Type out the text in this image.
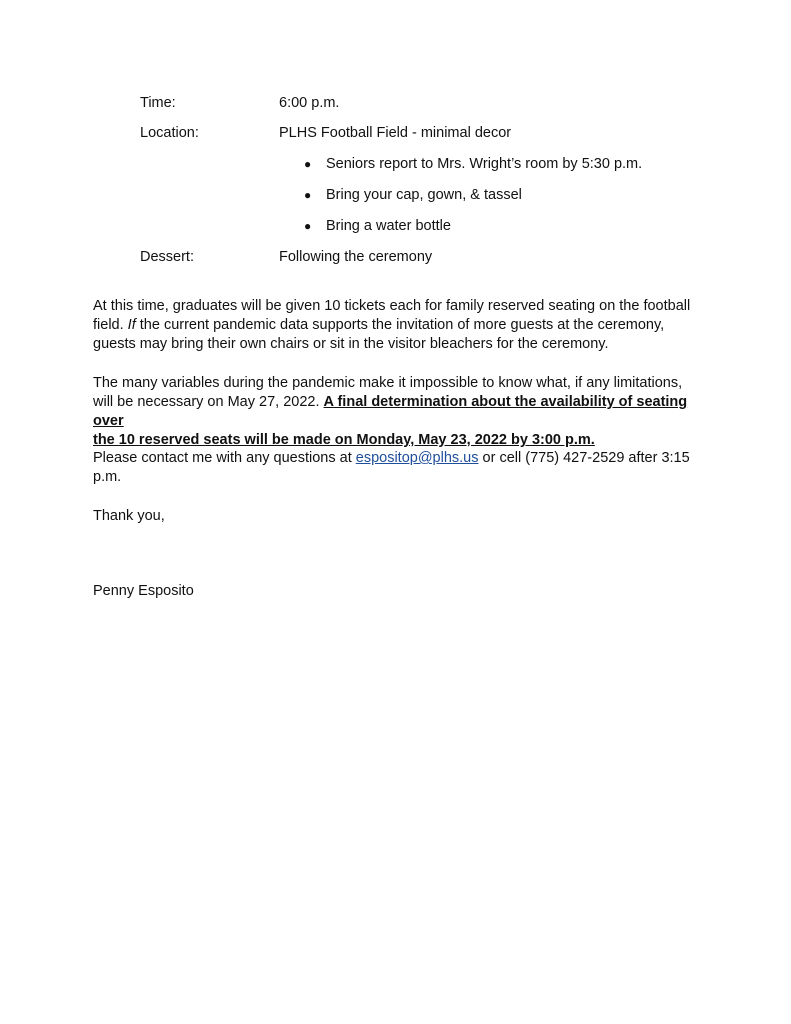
Time:	6:00 p.m.
Location:	PLHS Football Field - minimal decor
● Seniors report to Mrs. Wright’s room by 5:30 p.m.
● Bring your cap, gown, & tassel
● Bring a water bottle
Dessert:	Following the ceremony
At this time, graduates will be given 10 tickets each for family reserved seating on the football
field. If the current pandemic data supports the invitation of more guests at the ceremony,
guests may bring their own chairs or sit in the visitor bleachers for the ceremony.
The many variables during the pandemic make it impossible to know what, if any limitations,
will be necessary on May 27, 2022. A final determination about the availability of seating over
the 10 reserved seats will be made on Monday, May 23, 2022 by 3:00 p.m.
Please contact me with any questions at espositop@plhs.us or cell (775) 427-2529 after 3:15
p.m.
Thank you,
Penny Esposito
